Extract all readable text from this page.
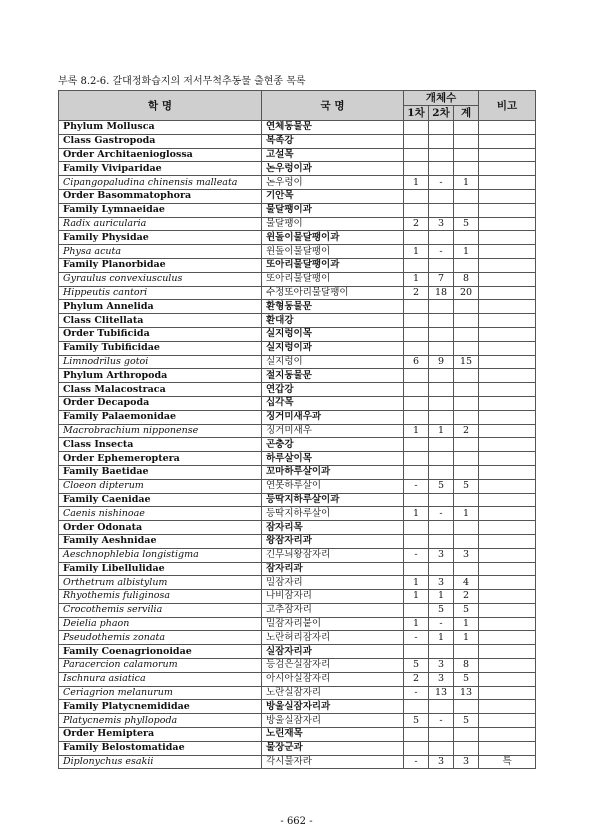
부록 8.2-6. 갈대정화습지의 저서무척추동물 출현종 목록
학 명	국 명	개체수			비고
		1차	2차	계	
Phylum Mollusca	연체동물문				
Class Gastropoda	복족강				
Order Architaenioglossa	고설목				
Family Viviparidae	논우렁이과				
Cipangopaludina chinensis malleata	논우렁이	1	-	1	
Order Basommatophora	기안목				
Family Lymnaeidae	물달팽이과				
Radix auricularia	물달팽이	2	3	5	
Family Physidae	윈돌이물달팽이과				
Physa acuta	윈돌이물달팽이	1	-	1	
Family Planorbidae	또아리물달팽이과				
Gyraulus convexiusculus	또아리물달팽이	1	7	8	
Hippeutis cantori	수정또아리물달팽이	2	18	20	
Phylum Annelida	환형동물문				
Class Clitellata	환대강				
Order Tubificida	실지렁이목				
Family Tubificidae	실지렁이과				
Limnodrilus gotoi	실지렁이	6	9	15	
Phylum Arthropoda	절지동물문				
Class Malacostraca	연갑강				
Order Decapoda	십각목				
Family Palaemonidae	징거미새우과				
Macrobrachium nipponense	징거미새우	1	1	2	
Class Insecta	곤충강				
Order Ephemeroptera	하루살이목				
Family Baetidae	꼬마하루살이과				
Cloeon dipterum	연못하루살이	-	5	5	
Family Caenidae	등딱지하루살이과				
Caenis nishinoae	등딱지하루살이	1	-	1	
Order Odonata	잠자리목				
Family Aeshnidae	왕잠자리과				
Aeschnophlebia longistigma	긴무늬왕잠자리	-	3	3	
Family Libellulidae	잠자리과				
Orthetrum albistylum	밀잠자리	1	3	4	
Rhyothemis fuliginosa	나비잠자리	1	1	2	
Crocothemis servilia	고추잠자리		5	5	
Deielia phaon	밀잠자리붙이	1	-	1	
Pseudothemis zonata	노란허리잠자리	-	1	1	
Family Coenagrionoidae	실잠자리과				
Paracercion calamorum	등검은실잠자리	5	3	8	
Ischnura asiatica	아시아실잠자리	2	3	5	
Ceriagrion melanurum	노란실잠자리	-	13	13	
Family Platycnemididae	방울실잠자리과				
Platycnemis phyllopoda	방울실잠자리	5	-	5	
Order Hemiptera	노린재목				
Family Belostomatidae	물장군과				
Diplonychus esakii	각시물자라	-	3	3	특
- 662 -
